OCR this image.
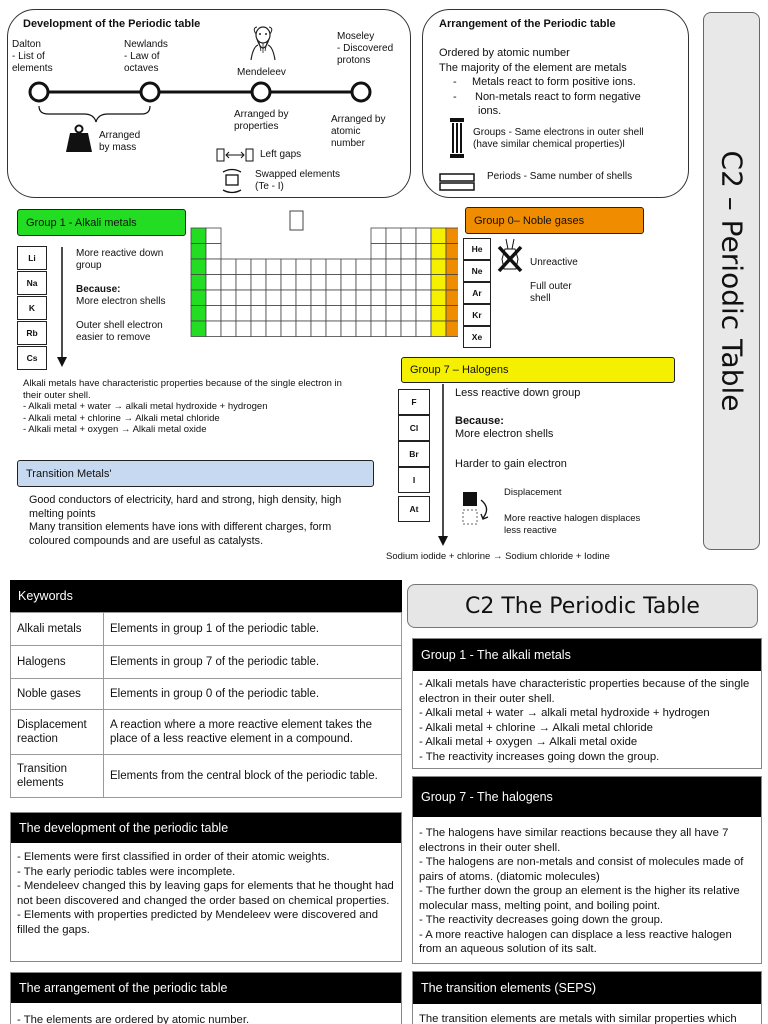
Development of the Periodic table
Dalton
- List of
elements
Newlands
- Law of
octaves	Mendeleev
Moseley
- Discovered
protons
Arranged
by mass
Arranged by
properties
Arranged by
atomic
number
Left gaps
Swapped elements
(Te - I)
Arrangement of the Periodic table
Ordered by atomic number
The majority of the element are metals
-     Metals react to form positive ions.
-      Non-metals react to form negative
ions.
Groups - Same electrons in outer shell
(have similar chemical properties)l
Periods - Same number of shells	C2 – Periodic Table
Group 1 - Alkali metals
Li
Na
K
Rb
Cs
More reactive down
group
Because:
More electron shells
Outer shell electron
easier to remove
Alkali metals have characteristic properties because of the single electron in
their outer shell.
- Alkali metal + water → alkali metal hydroxide + hydrogen
- Alkali metal + chlorine → Alkali metal chloride
- Alkali metal + oxygen → Alkali metal oxide
Group 0– Noble gases
He
Ne
Ar
Kr
Xe
Unreactive
Full outer
shell
Group 7 – Halogens
F
Cl
Br
I
At
Less reactive down group
Because:
More electron shells
Harder to gain electron
Displacement
More reactive halogen displaces
less reactive
Sodium iodide + chlorine → Sodium chloride + Iodine
Transition Metals'
Good conductors of electricity, hard and strong, high density, high
melting points
Many transition elements have ions with different charges, form
coloured compounds and are useful as catalysts.
Keywords
Alkali metals	Elements in group 1 of the periodic table.
Halogens	Elements in group 7 of the periodic table.
Noble gases	Elements in group 0 of the periodic table.
Displacement reaction	A reaction where a more reactive element takes the place of a less reactive element in a compound.
Transition elements	Elements from the central block of the periodic table.
C2 The Periodic Table
The development of the periodic table
- Elements were first classified in order of their atomic weights.
- The early periodic tables were incomplete.
- Mendeleev changed this by leaving gaps for elements that he thought had not been discovered and changed the order based on chemical properties.
- Elements with properties predicted by Mendeleev were discovered and filled the gaps.
The arrangement of the periodic table
- The elements are ordered by atomic number.
Group 1 - The alkali metals
- Alkali metals have characteristic properties because of the single electron in their outer shell.
- Alkali metal + water → alkali metal hydroxide + hydrogen
- Alkali metal + chlorine → Alkali metal chloride
- Alkali metal + oxygen → Alkali metal oxide
- The reactivity increases going down the group.
Group 7 - The halogens
- The halogens have similar reactions because they all have 7 electrons in their outer shell.
- The halogens are non-metals and consist of molecules made of pairs of atoms. (diatomic molecules)
- The further down the group an element is the higher its relative molecular mass, melting point, and boiling point.
- The reactivity decreases going down the group.
- A more reactive halogen can displace a less reactive halogen from an aqueous solution of its salt.
The transition elements (SEPS)
The transition elements are metals with similar properties which
